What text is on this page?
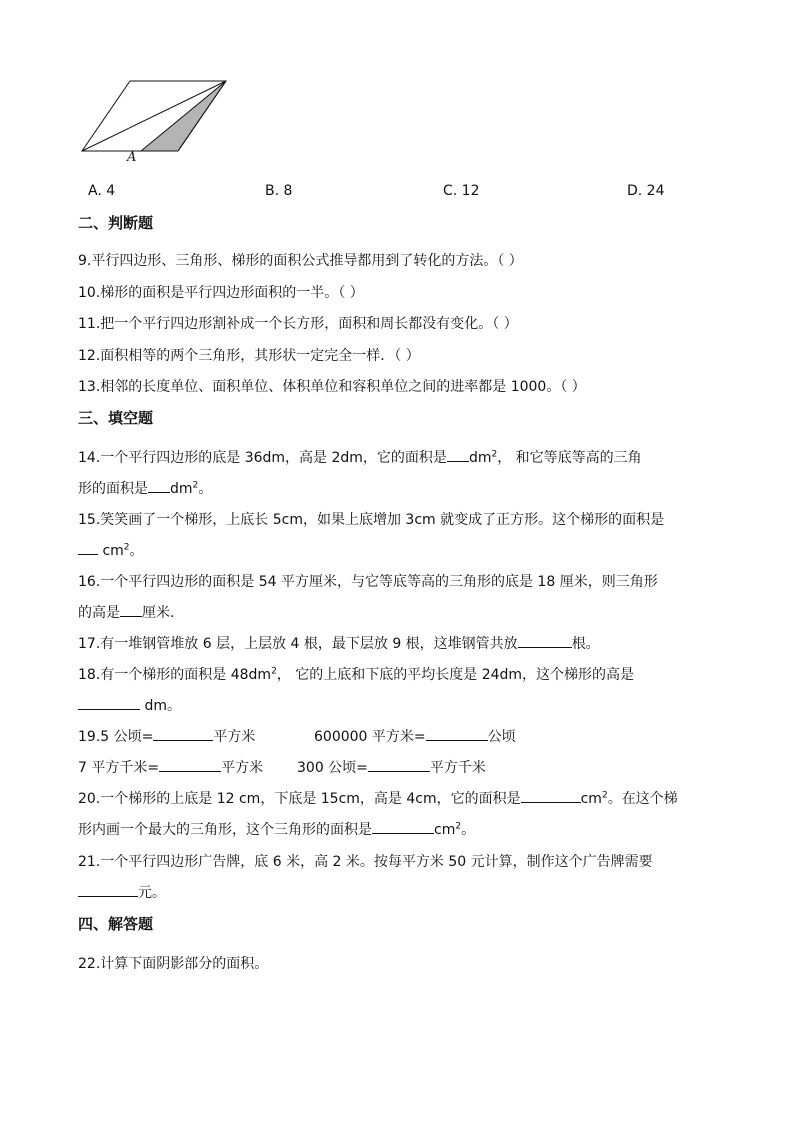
A
A. 4	B. 8	C. 12	D. 24
二、判断题
9.平行四边形、三角形、梯形的面积公式推导都用到了转化的方法。（ ）
10.梯形的面积是平行四边形面积的一半。（ ）
11.把一个平行四边形割补成一个长方形，面积和周长都没有变化。（ ）
12.面积相等的两个三角形，其形状一定完全一样．（ ）
13.相邻的长度单位、面积单位、体积单位和容积单位之间的进率都是 1000。（ ）
三、填空题
14.一个平行四边形的底是 36dm，高是 2dm，它的面积是 $dm^2$， 和它等底等高的三角
形的面积是 $dm^2$。
15.笑笑画了一个梯形，上底长 5cm，如果上底增加 3cm 就变成了正方形。这个梯形的面积是
$cm^2$。
16.一个平行四边形的面积是 54 平方厘米，与它等底等高的三角形的底是 18 厘米，则三角形
的高是 厘米.
17.有一堆钢管堆放 6 层，上层放 4 根，最下层放 9 根，这堆钢管共放	根。
18.有一个梯形的面积是 $48dm^2$， 它的上底和下底的平均长度是 24dm，这个梯形的高是
dm。
19.5 公顷=	平方米	600000 平方米=	公顷
7 平方千米=	平方米 300 公顷=	平方千米
20.一个梯形的上底是 12 cm，下底是 15cm，高是 4cm，它的面积是	$cm^2$。在这个梯
形内画一个最大的三角形，这个三角形的面积是	$cm^2$。
21.一个平行四边形广告牌，底 6 米，高 2 米。按每平方米 50 元计算，制作这个广告牌需要
元。
四、解答题
22.计算下面阴影部分的面积。
